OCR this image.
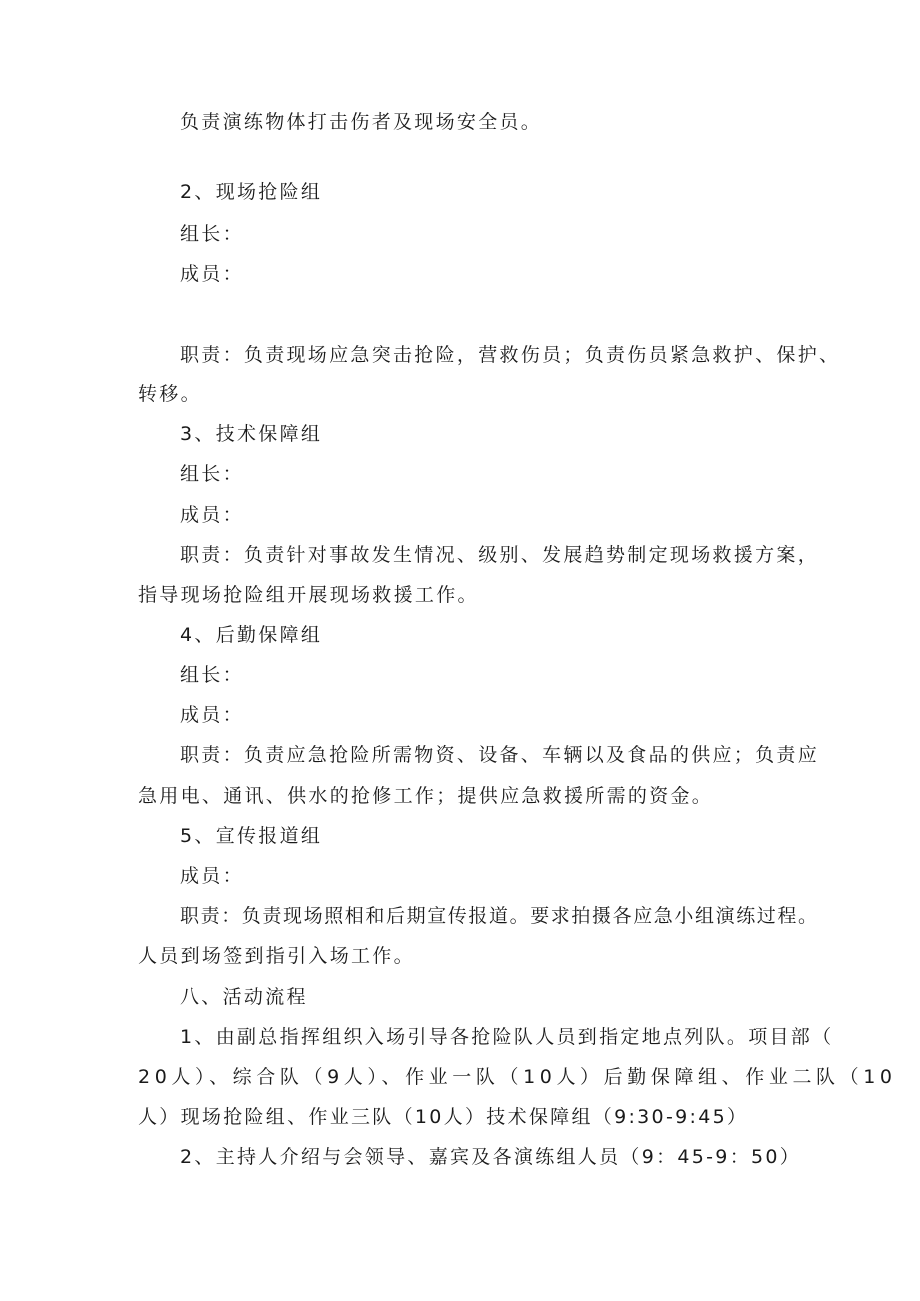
负责演练物体打击伤者及现场安全员。

2、现场抢险组

组长：

成员：

职责：负责现场应急突击抢险，营救伤员；负责伤员紧急救护、保护、

转移。

3、技术保障组

组长：

成员：

职责：负责针对事故发生情况、级别、发展趋势制定现场救援方案，

指导现场抢险组开展现场救援工作。

4、后勤保障组

组长：

成员：

职责：负责应急抢险所需物资、设备、车辆以及食品的供应；负责应

急用电、通讯、供水的抢修工作；提供应急救援所需的资金。

5、宣传报道组

成员：

职责：负责现场照相和后期宣传报道。要求拍摄各应急小组演练过程。

人员到场签到指引入场工作。

八、活动流程

1、由副总指挥组织入场引导各抢险队人员到指定地点列队。项目部（

20人）、综合队（9人）、作业一队（10人）后勤保障组、作业二队（10

人）现场抢险组、作业三队（10人）技术保障组（9:30-9:45）

2、主持人介绍与会领导、嘉宾及各演练组人员（9：45-9：50）
